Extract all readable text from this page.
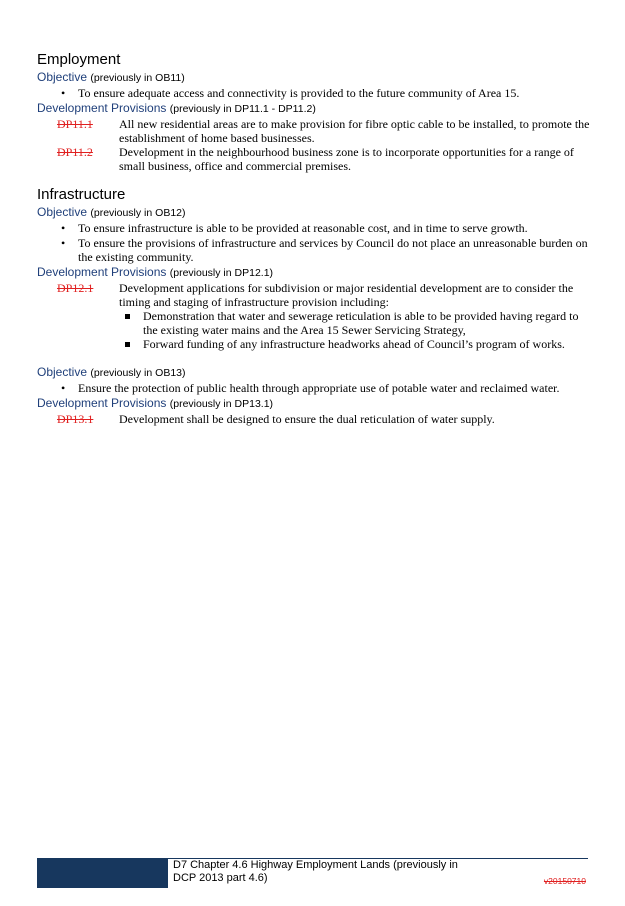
Employment

Objective (previously in OB11)

• To ensure adequate access and connectivity is provided to the future community of Area 15.

Development Provisions (previously in DP11.1 - DP11.2)

DP11.1	All new residential areas are to make provision for fibre optic cable to be installed, to promote the establishment of home based businesses.
DP11.2	Development in the neighbourhood business zone is to incorporate opportunities for a range of small business, office and commercial premises.
Infrastructure

Objective (previously in OB12)

• To ensure infrastructure is able to be provided at reasonable cost, and in time to serve growth.
• To ensure the provisions of infrastructure and services by Council do not place an unreasonable burden on the existing community.

Development Provisions (previously in DP12.1)

DP12.1	Development applications for subdivision or major residential development are to consider the timing and staging of infrastructure provision including:
Demonstration that water and sewerage reticulation is able to be provided having regard to the existing water mains and the Area 15 Sewer Servicing Strategy,
Forward funding of any infrastructure headworks ahead of Council’s program of works.

Objective (previously in OB13)

• Ensure the protection of public health through appropriate use of potable water and reclaimed water.

Development Provisions (previously in DP13.1)

DP13.1	Development shall be designed to ensure the dual reticulation of water supply.
D7 Chapter 4.6 Highway Employment Lands (previously in DCP 2013 part 4.6)	v20150710
